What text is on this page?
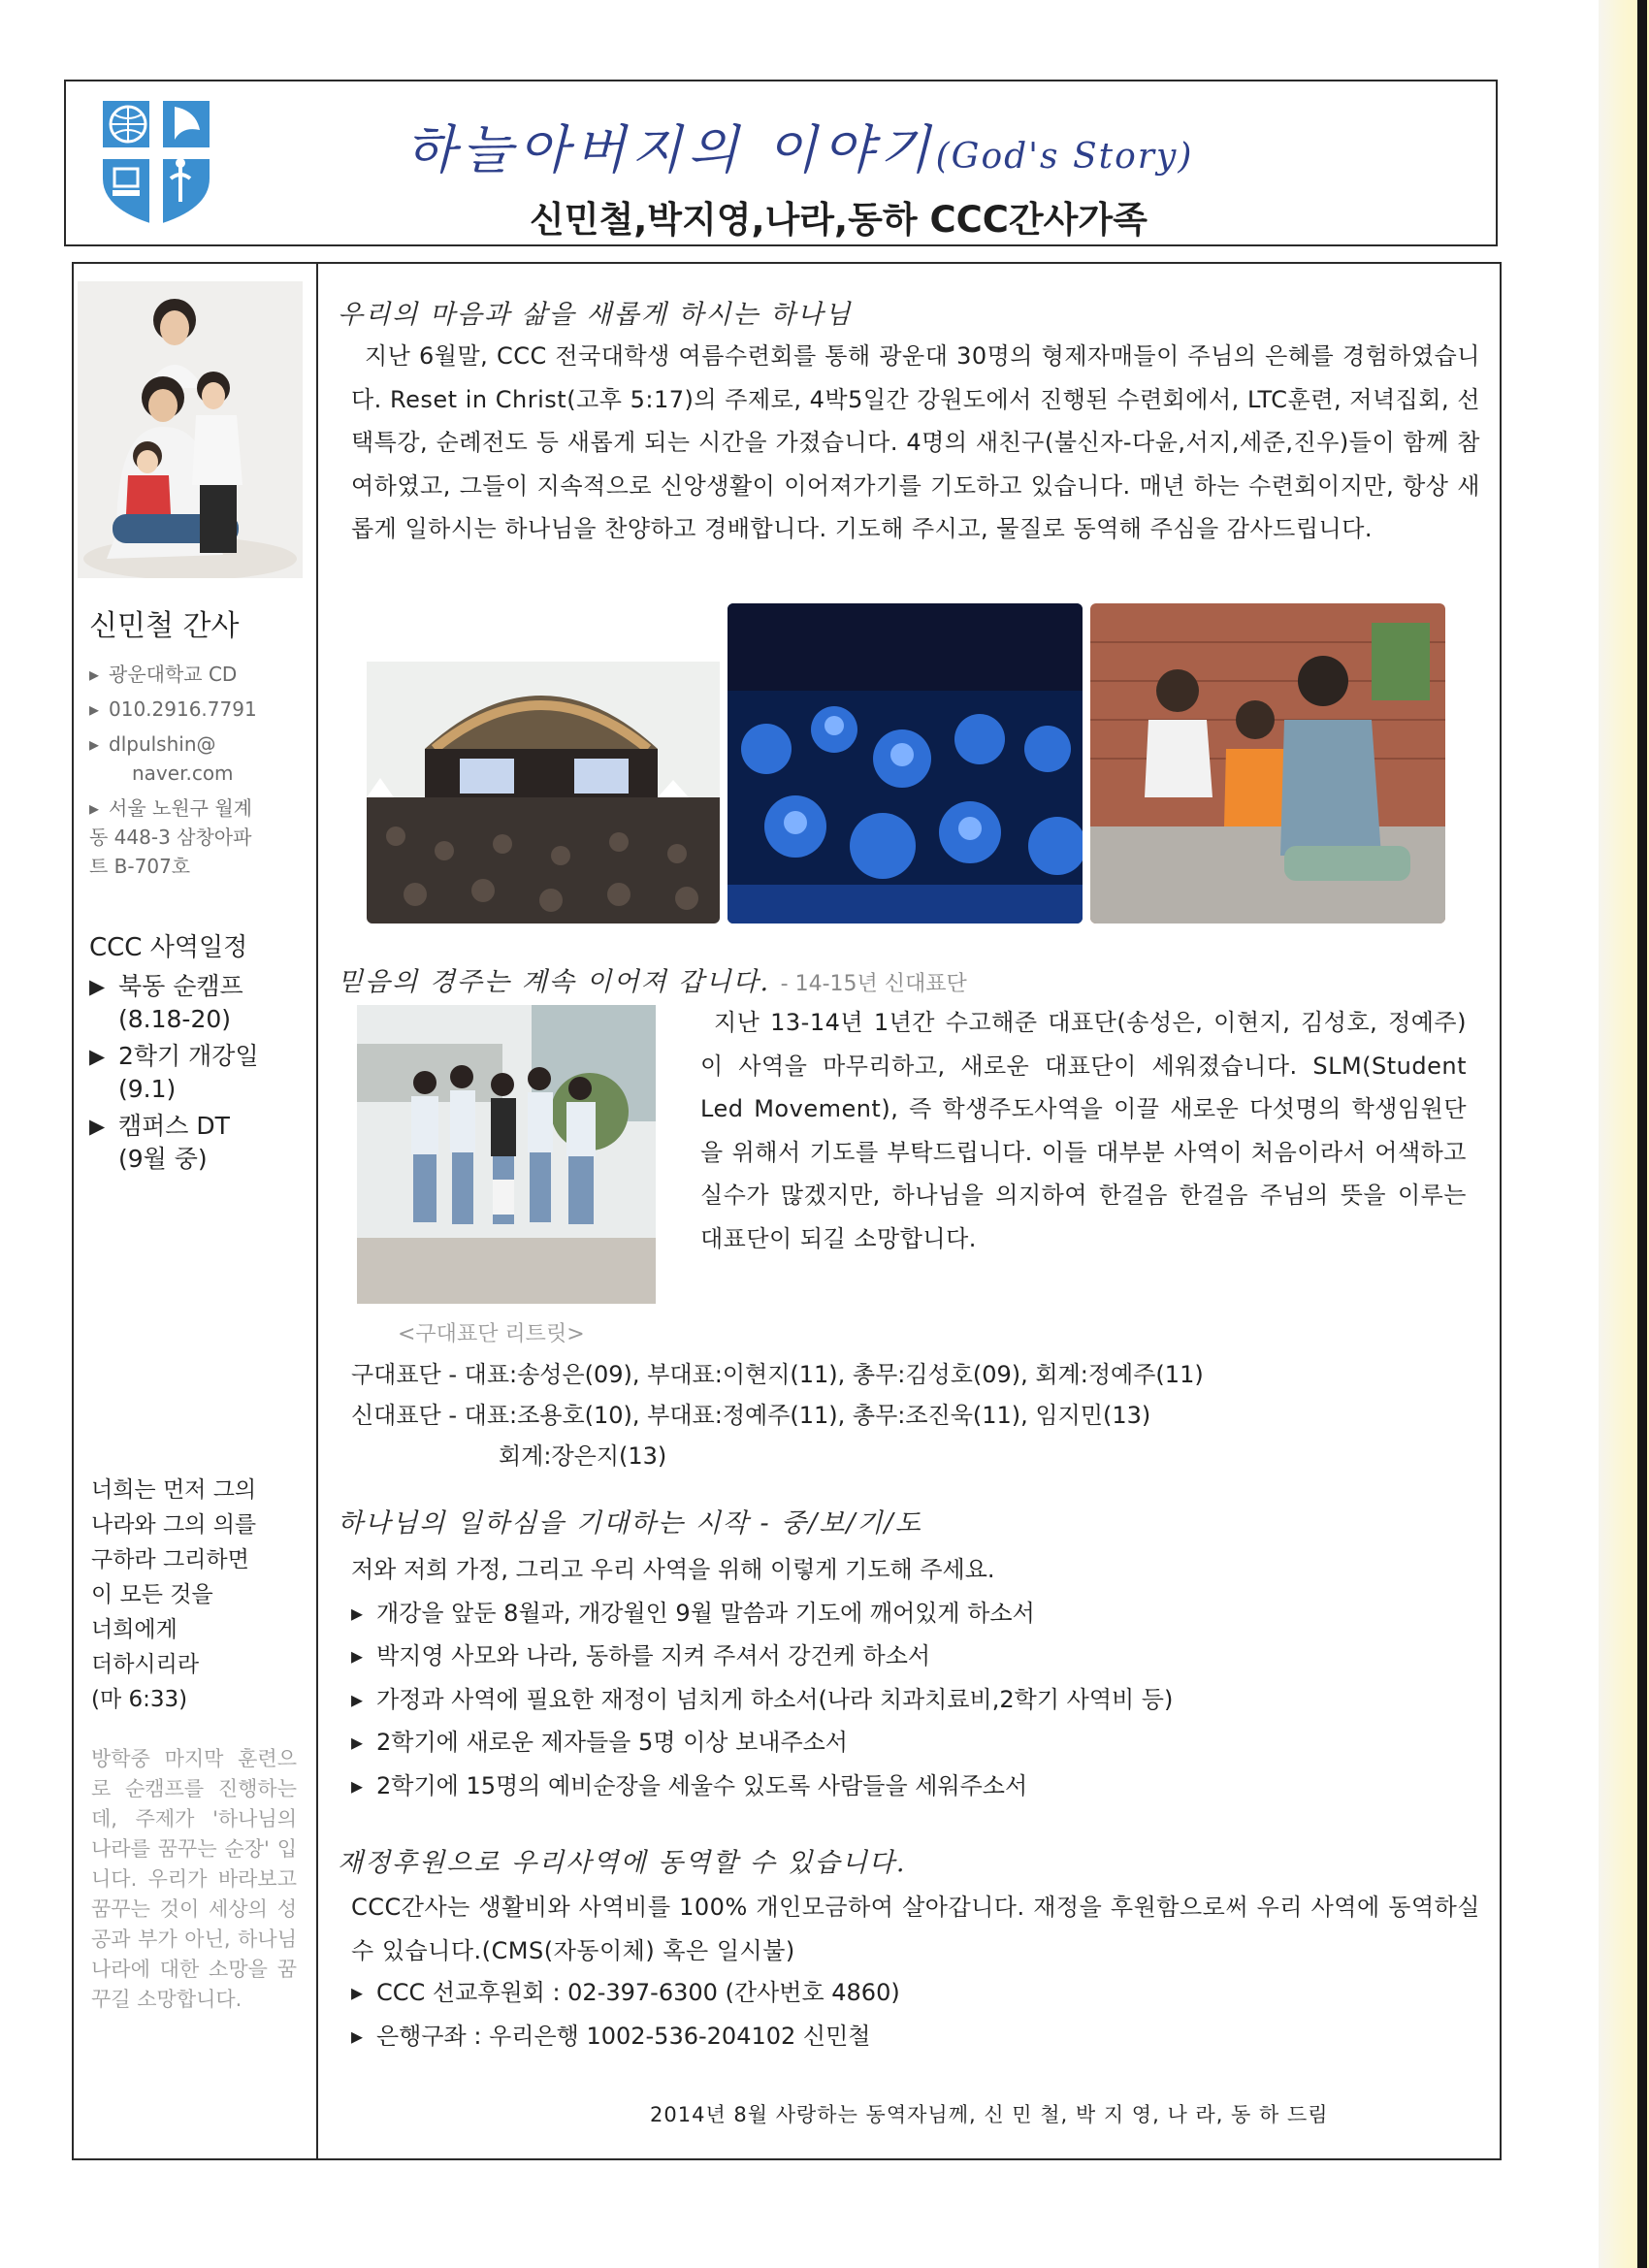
하늘아버지의 이야기(God's Story)
신민철,박지영,나라,동하 CCC간사가족
신민철 간사
▸ 광운대학교 CD
▸ 010.2916.7791
▸ dlpulshin@
naver.com
▸ 서울 노원구 월계
동 448-3 삼창아파
트 B-707호
CCC 사역일정
▶ 북동 순캠프
(8.18-20)
▶ 2학기 개강일
(9.1)
▶ 캠퍼스 DT
(9월 중)
너희는 먼저 그의
나라와 그의 의를
구하라 그리하면
이 모든 것을
너희에게
더하시리라
(마 6:33)
방학중 마지막 훈련으로 순캠프를 진행하는데, 주제가 '하나님의 나라를 꿈꾸는 순장' 입니다. 우리가 바라보고 꿈꾸는 것이 세상의 성공과 부가 아닌, 하나님 나라에 대한 소망을 꿈꾸길 소망합니다.
우리의 마음과 삶을 새롭게 하시는 하나님
지난 6월말, CCC 전국대학생 여름수련회를 통해 광운대 30명의 형제자매들이 주님의 은혜를 경험하였습니다. Reset in Christ(고후 5:17)의 주제로, 4박5일간 강원도에서 진행된 수련회에서, LTC훈련, 저녁집회, 선택특강, 순례전도 등 새롭게 되는 시간을 가졌습니다. 4명의 새친구(불신자-다윤,서지,세준,진우)들이 함께 참여하였고, 그들이 지속적으로 신앙생활이 이어져가기를 기도하고 있습니다. 매년 하는 수련회이지만, 항상 새롭게 일하시는 하나님을 찬양하고 경배합니다. 기도해 주시고, 물질로 동역해 주심을 감사드립니다.
믿음의 경주는 계속 이어져 갑니다. - 14-15년 신대표단
<구대표단 리트릿>
지난 13-14년 1년간 수고해준 대표단(송성은, 이현지, 김성호, 정예주)이 사역을 마무리하고, 새로운 대표단이 세워졌습니다. SLM(Student Led Movement), 즉 학생주도사역을 이끌 새로운 다섯명의 학생임원단을 위해서 기도를 부탁드립니다. 이들 대부분 사역이 처음이라서 어색하고 실수가 많겠지만, 하나님을 의지하여 한걸음 한걸음 주님의 뜻을 이루는 대표단이 되길 소망합니다.
구대표단 - 대표:송성은(09), 부대표:이현지(11), 총무:김성호(09), 회계:정예주(11)
신대표단 - 대표:조용호(10), 부대표:정예주(11), 총무:조진욱(11), 임지민(13)
회계:장은지(13)
하나님의 일하심을 기대하는 시작 - 중/보/기/도
저와 저희 가정, 그리고 우리 사역을 위해 이렇게 기도해 주세요.
▸ 개강을 앞둔 8월과, 개강월인 9월 말씀과 기도에 깨어있게 하소서
▸ 박지영 사모와 나라, 동하를 지켜 주셔서 강건케 하소서
▸ 가정과 사역에 필요한 재정이 넘치게 하소서(나라 치과치료비,2학기 사역비 등)
▸ 2학기에 새로운 제자들을 5명 이상 보내주소서
▸ 2학기에 15명의 예비순장을 세울수 있도록 사람들을 세워주소서
재정후원으로 우리사역에 동역할 수 있습니다.
CCC간사는 생활비와 사역비를 100% 개인모금하여 살아갑니다. 재정을 후원함으로써 우리 사역에 동역하실 수 있습니다.(CMS(자동이체) 혹은 일시불)
▸ CCC 선교후원회 : 02-397-6300 (간사번호 4860)
▸ 은행구좌 : 우리은행 1002-536-204102 신민철
2014년 8월 사랑하는 동역자님께, 신 민 철, 박 지 영, 나 라, 동 하 드림
